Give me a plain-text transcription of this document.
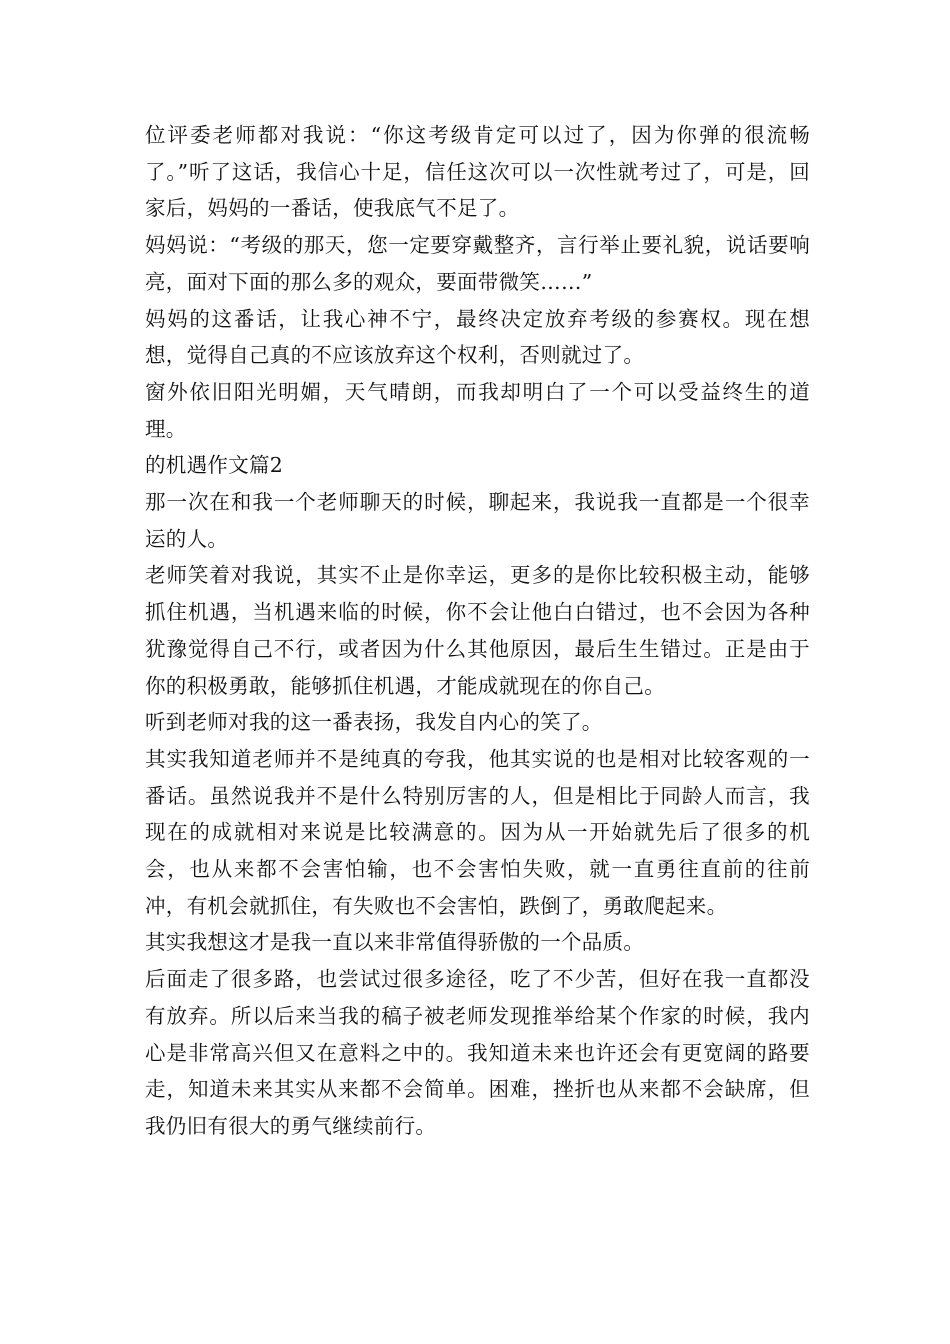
位评委老师都对我说：“你这考级肯定可以过了，因为你弹的很流畅了。”听了这话，我信心十足，信任这次可以一次性就考过了，可是，回家后，妈妈的一番话，使我底气不足了。

妈妈说：“考级的那天，您一定要穿戴整齐，言行举止要礼貌，说话要响亮，面对下面的那么多的观众，要面带微笑……”

妈妈的这番话，让我心神不宁，最终决定放弃考级的参赛权。现在想想，觉得自己真的不应该放弃这个权利，否则就过了。

窗外依旧阳光明媚，天气晴朗，而我却明白了一个可以受益终生的道理。

的机遇作文篇2

那一次在和我一个老师聊天的时候，聊起来，我说我一直都是一个很幸运的人。

老师笑着对我说，其实不止是你幸运，更多的是你比较积极主动，能够抓住机遇，当机遇来临的时候，你不会让他白白错过，也不会因为各种犹豫觉得自己不行，或者因为什么其他原因，最后生生错过。正是由于你的积极勇敢，能够抓住机遇，才能成就现在的你自己。

听到老师对我的这一番表扬，我发自内心的笑了。

其实我知道老师并不是纯真的夸我，他其实说的也是相对比较客观的一番话。虽然说我并不是什么特别厉害的人，但是相比于同龄人而言，我现在的成就相对来说是比较满意的。因为从一开始就先后了很多的机会，也从来都不会害怕输，也不会害怕失败，就一直勇往直前的往前冲，有机会就抓住，有失败也不会害怕，跌倒了，勇敢爬起来。

其实我想这才是我一直以来非常值得骄傲的一个品质。

后面走了很多路，也尝试过很多途径，吃了不少苦，但好在我一直都没有放弃。所以后来当我的稿子被老师发现推举给某个作家的时候，我内心是非常高兴但又在意料之中的。我知道未来也许还会有更宽阔的路要走，知道未来其实从来都不会简单。困难，挫折也从来都不会缺席，但我仍旧有很大的勇气继续前行。
